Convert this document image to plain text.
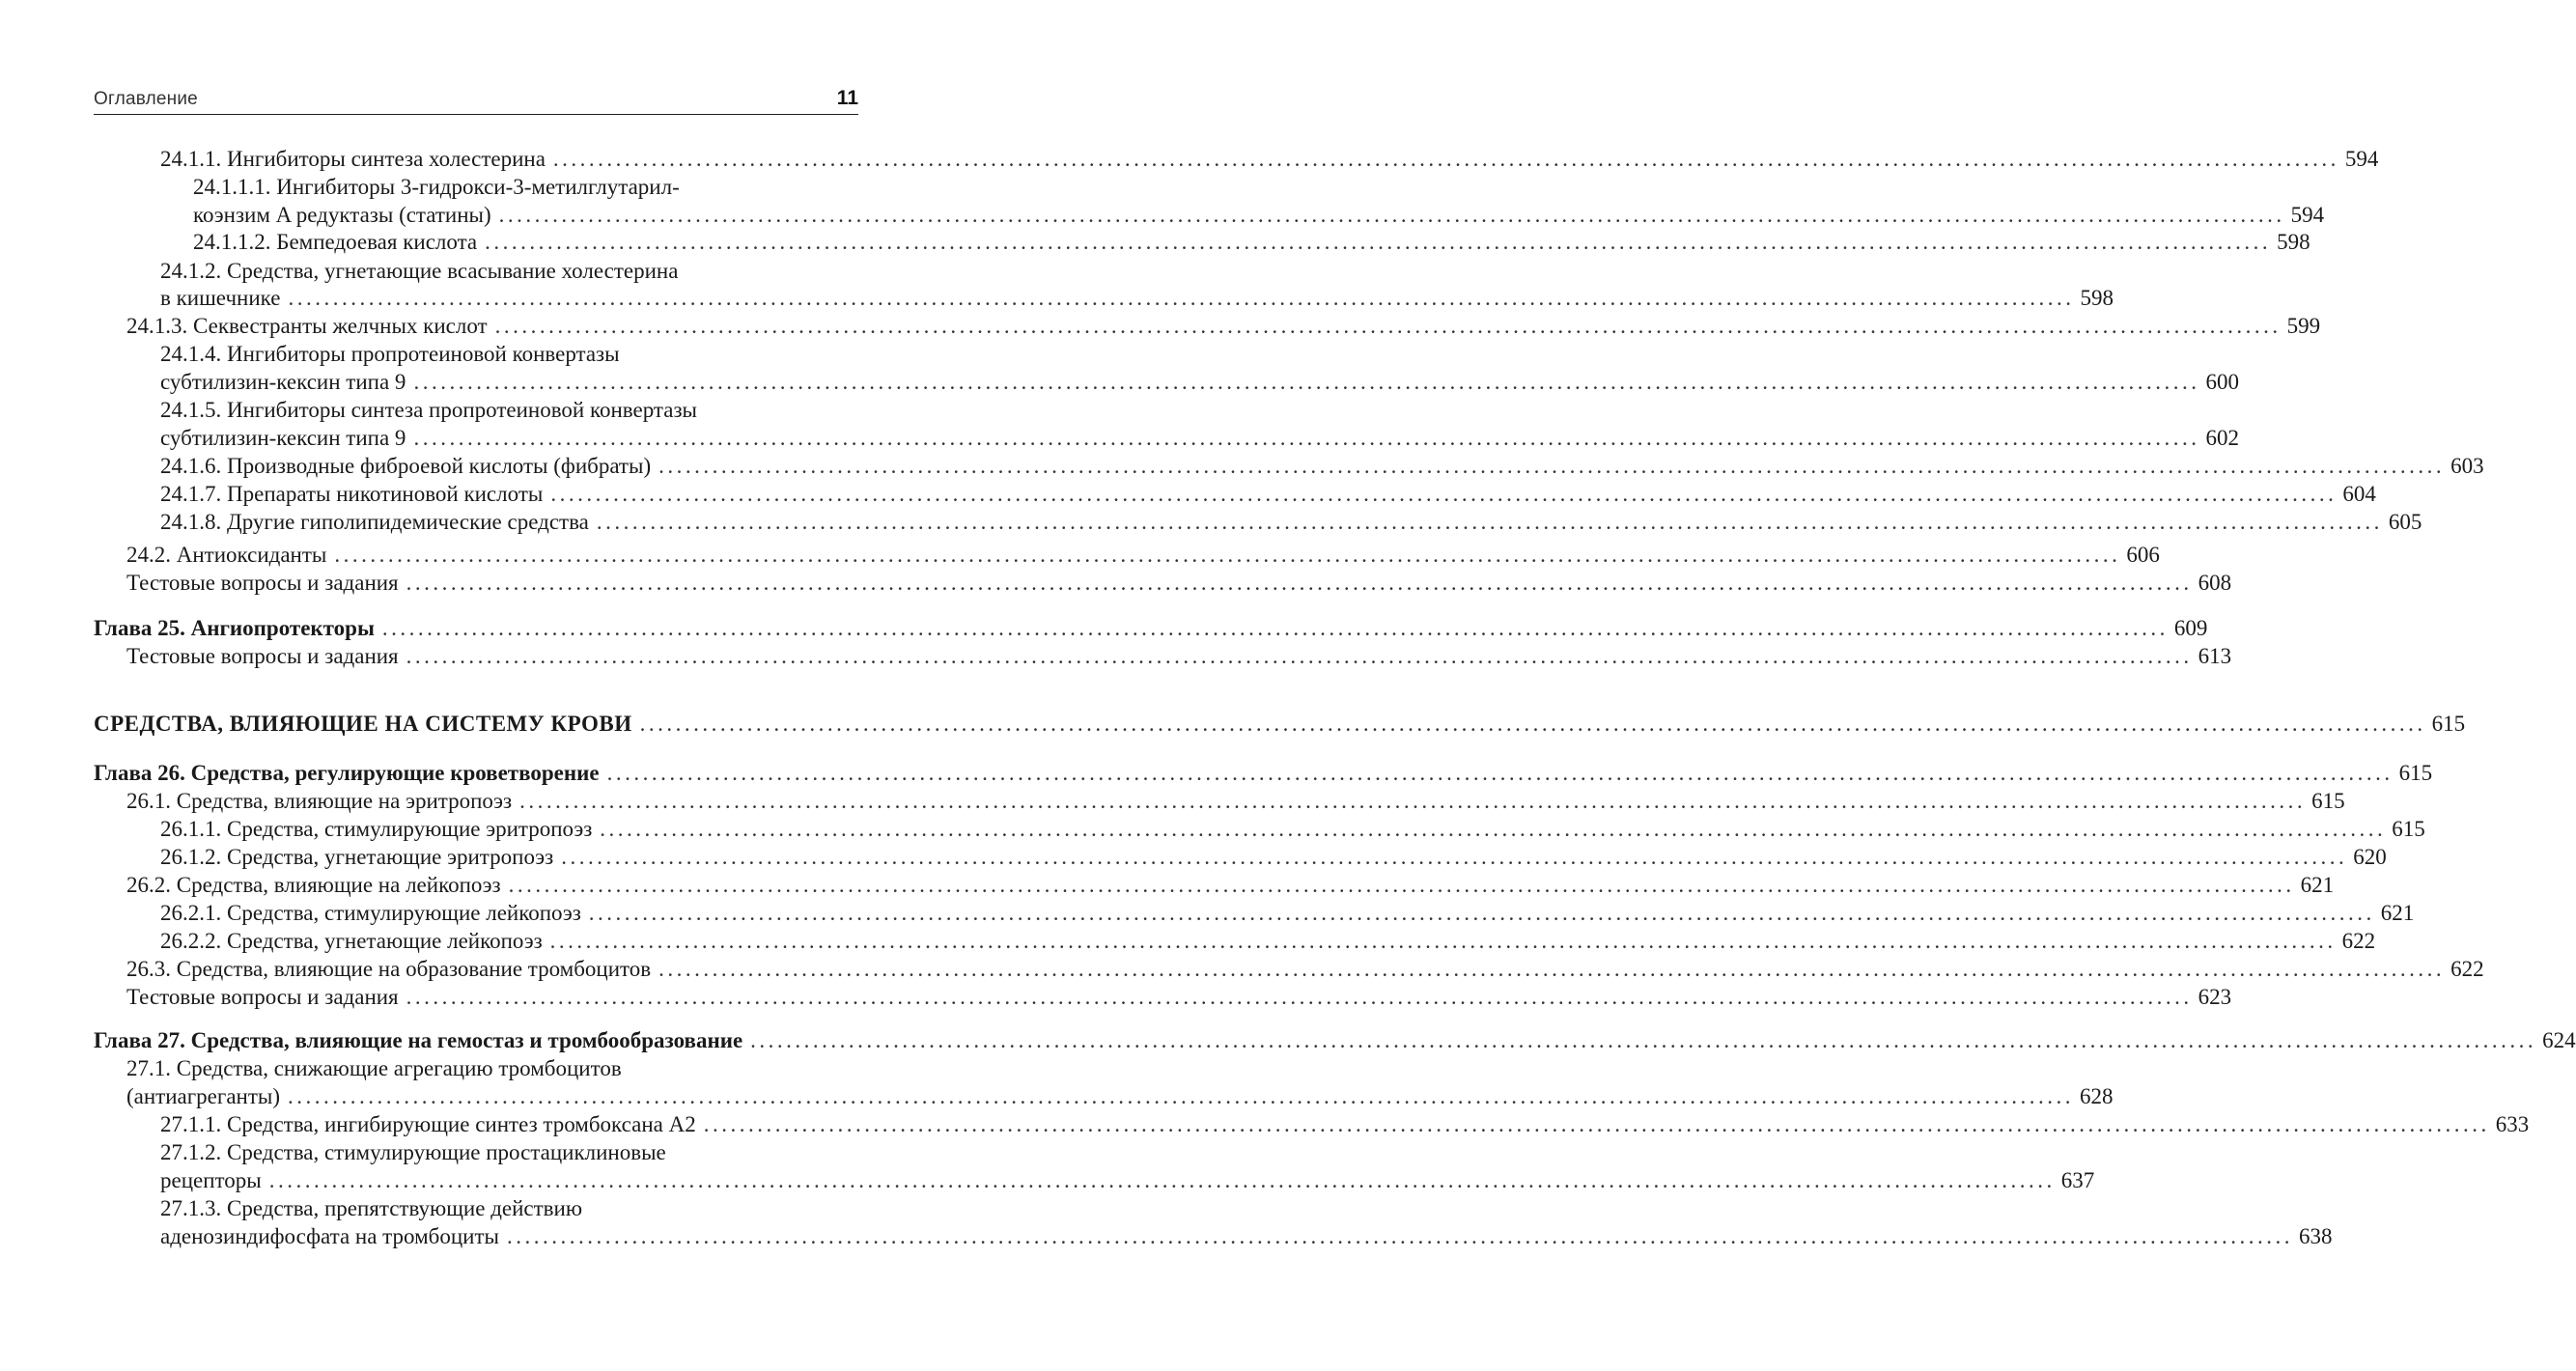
Оглавление	11
24.1.1. Ингибиторы синтеза холестерина ........................................................................................................................................................................................................ 594
24.1.1.1. Ингибиторы 3-гидрокси-3-метилглутарил-
коэнзим A редуктазы (статины) ........................................................................................................................................................................................................ 594
24.1.1.2. Бемпедоевая кислота ........................................................................................................................................................................................................ 598
24.1.2. Средства, угнетающие всасывание холестерина
в кишечнике ........................................................................................................................................................................................................ 598
24.1.3. Секвестранты желчных кислот ........................................................................................................................................................................................................ 599
24.1.4. Ингибиторы пропротеиновой конвертазы
субтилизин-кексин типа 9 ........................................................................................................................................................................................................ 600
24.1.5. Ингибиторы синтеза пропротеиновой конвертазы
субтилизин-кексин типа 9 ........................................................................................................................................................................................................ 602
24.1.6. Производные фиброевой кислоты (фибраты) ........................................................................................................................................................................................................ 603
24.1.7. Препараты никотиновой кислоты ........................................................................................................................................................................................................ 604
24.1.8. Другие гиполипидемические средства ........................................................................................................................................................................................................ 605
24.2. Антиоксиданты ........................................................................................................................................................................................................ 606
Тестовые вопросы и задания ........................................................................................................................................................................................................ 608
Глава 25. Ангиопротекторы ........................................................................................................................................................................................................ 609
Тестовые вопросы и задания ........................................................................................................................................................................................................ 613
СРЕДСТВА, ВЛИЯЮЩИЕ НА СИСТЕМУ КРОВИ ........................................................................................................................................................................................................ 615
Глава 26. Средства, регулирующие кроветворение ........................................................................................................................................................................................................ 615
26.1. Средства, влияющие на эритропоэз ........................................................................................................................................................................................................ 615
26.1.1. Средства, стимулирующие эритропоэз ........................................................................................................................................................................................................ 615
26.1.2. Средства, угнетающие эритропоэз ........................................................................................................................................................................................................ 620
26.2. Средства, влияющие на лейкопоэз ........................................................................................................................................................................................................ 621
26.2.1. Средства, стимулирующие лейкопоэз ........................................................................................................................................................................................................ 621
26.2.2. Средства, угнетающие лейкопоэз ........................................................................................................................................................................................................ 622
26.3. Средства, влияющие на образование тромбоцитов ........................................................................................................................................................................................................ 622
Тестовые вопросы и задания ........................................................................................................................................................................................................ 623
Глава 27. Средства, влияющие на гемостаз и тромбообразование ........................................................................................................................................................................................................ 624
27.1. Средства, снижающие агрегацию тромбоцитов
(антиагреганты) ........................................................................................................................................................................................................ 628
27.1.1. Средства, ингибирующие синтез тромбоксана A2 ........................................................................................................................................................................................................ 633
27.1.2. Средства, стимулирующие простациклиновые
рецепторы ........................................................................................................................................................................................................ 637
27.1.3. Средства, препятствующие действию
аденозиндифосфата на тромбоциты ........................................................................................................................................................................................................ 638
